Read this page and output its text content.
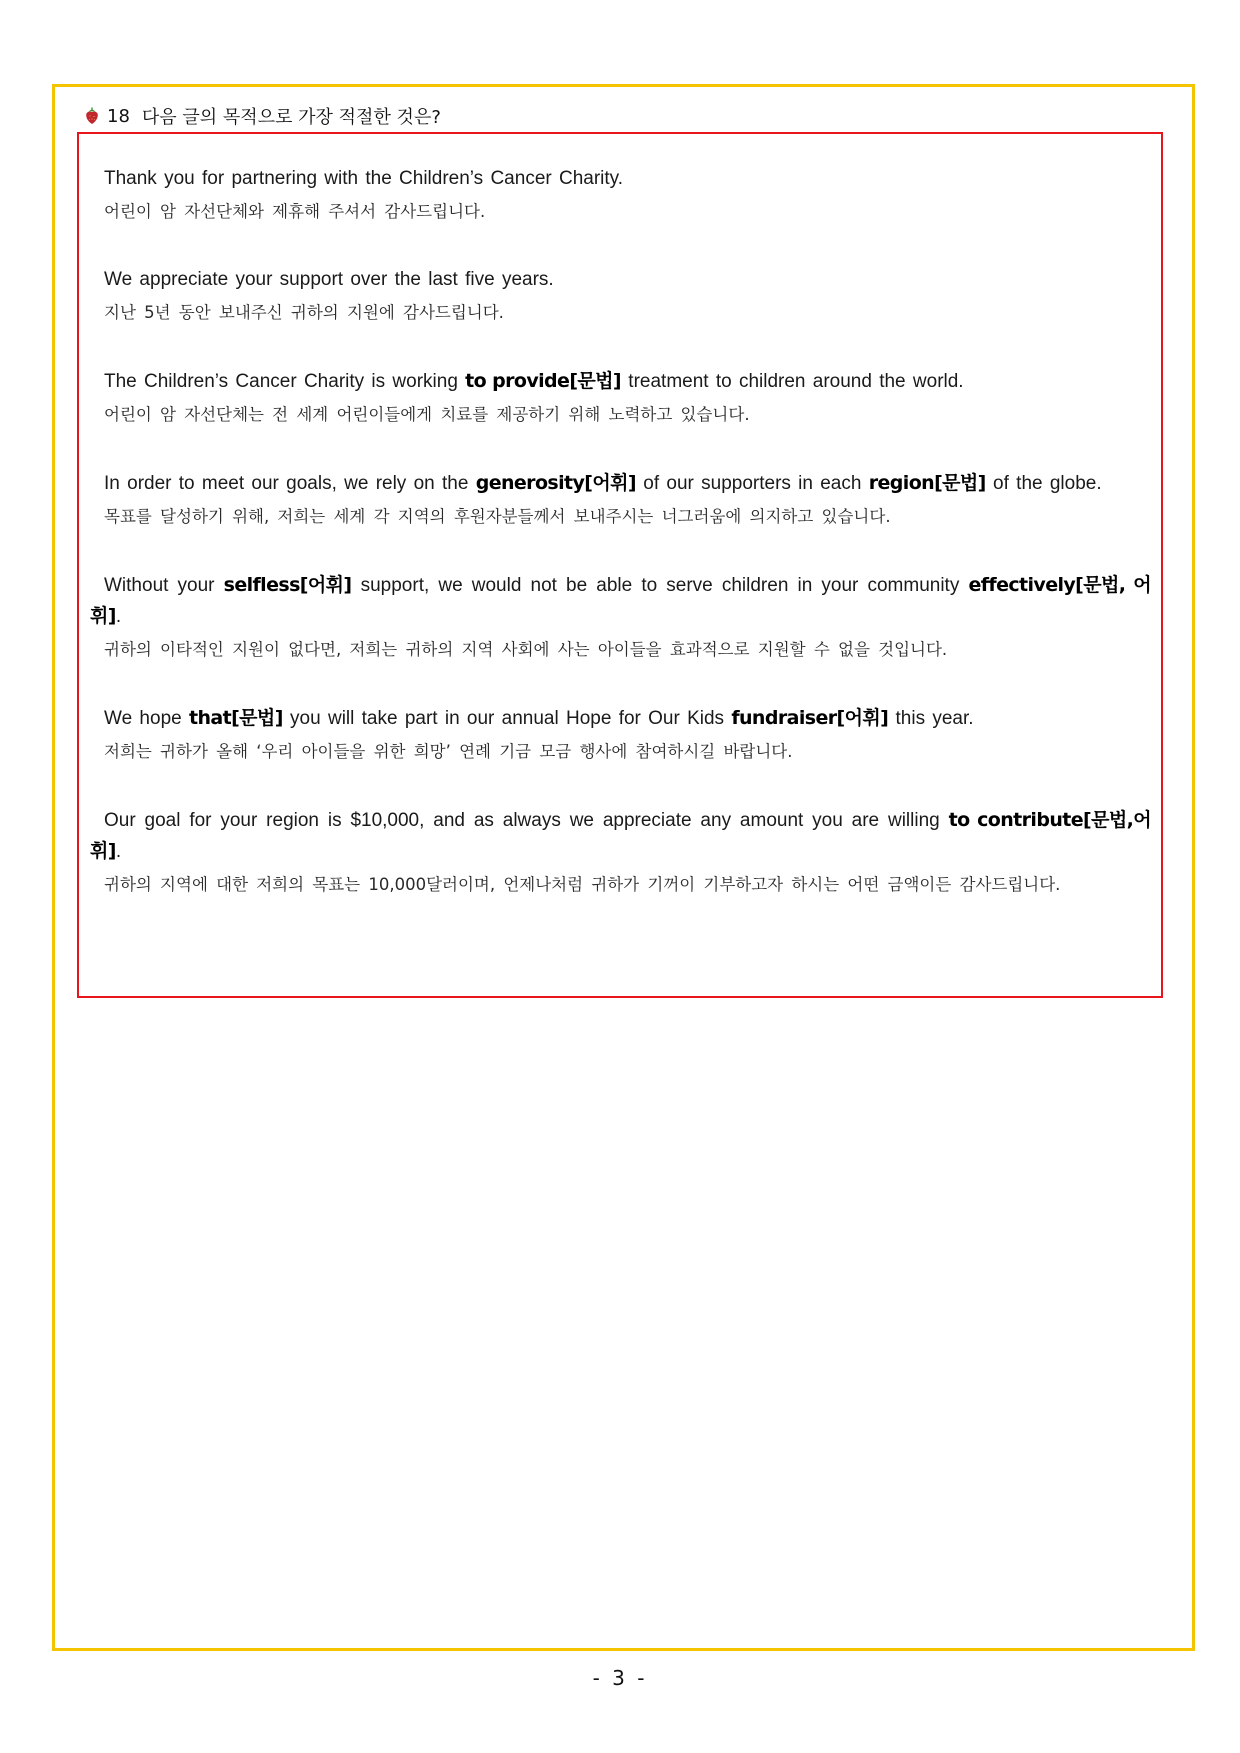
18 다음 글의 목적으로 가장 적절한 것은?

Thank you for partnering with the Children’s Cancer Charity.

어린이 암 자선단체와 제휴해 주셔서 감사드립니다.

We appreciate your support over the last five years.

지난 5년 동안 보내주신 귀하의 지원에 감사드립니다.

The Children’s Cancer Charity is working to provide[문법] treatment to children around the world.

어린이 암 자선단체는 전 세계 어린이들에게 치료를 제공하기 위해 노력하고 있습니다.

In order to meet our goals, we rely on the generosity[어휘] of our supporters in each region[문법] of the globe.

목표를 달성하기 위해, 저희는 세계 각 지역의 후원자분들께서 보내주시는 너그러움에 의지하고 있습니다.

Without your selfless[어휘] support, we would not be able to serve children in your community effectively[문법, 어휘].

귀하의 이타적인 지원이 없다면, 저희는 귀하의 지역 사회에 사는 아이들을 효과적으로 지원할 수 없을 것입니다.

We hope that[문법] you will take part in our annual Hope for Our Kids fundraiser[어휘] this year.

저희는 귀하가 올해 ‘우리 아이들을 위한 희망’ 연례 기금 모금 행사에 참여하시길 바랍니다.

Our goal for your region is $10,000, and as always we appreciate any amount you are willing to contribute[문법,어휘].

귀하의 지역에 대한 저희의 목표는 10,000달러이며, 언제나처럼 귀하가 기꺼이 기부하고자 하시는 어떤 금액이든 감사드립니다.

- 3 -
